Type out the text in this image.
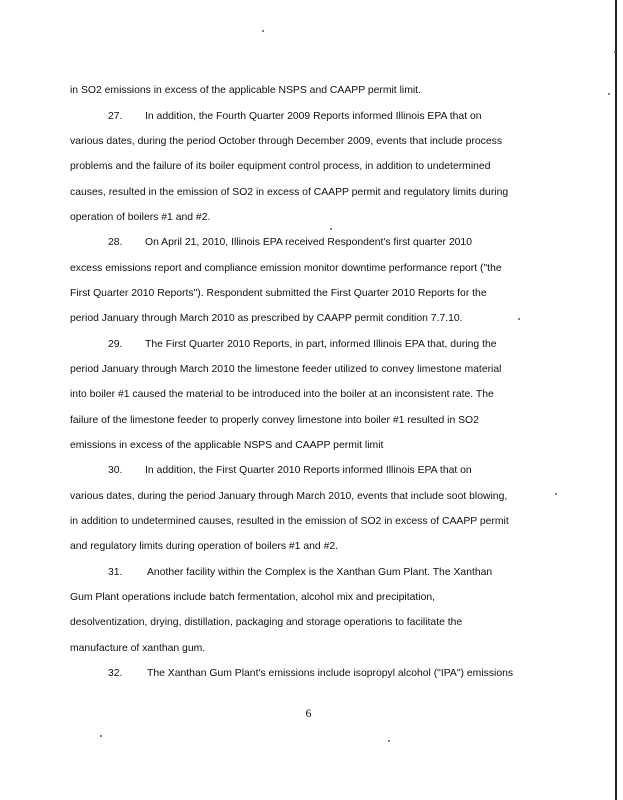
in SO2 emissions in excess of the applicable NSPS and CAAPP permit limit.
27. In addition, the Fourth Quarter 2009 Reports informed Illinois EPA that on
various dates, during the period October through December 2009, events that include process
problems and the failure of its boiler equipment control process, in addition to undetermined
causes, resulted in the emission of SO2 in excess of CAAPP permit and regulatory limits during
operation of boilers #1 and #2.
28. On April 21, 2010, Illinois EPA received Respondent's first quarter 2010
excess emissions report and compliance emission monitor downtime performance report ("the
First Quarter 2010 Reports"). Respondent submitted the First Quarter 2010 Reports for the
period January through March 2010 as prescribed by CAAPP permit condition 7.7.10.
29. The First Quarter 2010 Reports, in part, informed Illinois EPA that, during the
period January through March 2010 the limestone feeder utilized to convey limestone material
into boiler #1 caused the material to be introduced into the boiler at an inconsistent rate. The
failure of the limestone feeder to properly convey limestone into boiler #1 resulted in SO2
emissions in excess of the applicable NSPS and CAAPP permit limit
30. In addition, the First Quarter 2010 Reports informed Illinois EPA that on
various dates, during the period January through March 2010, events that include soot blowing,
in addition to undetermined causes, resulted in the emission of SO2 in excess of CAAPP permit
and regulatory limits during operation of boilers #1 and #2.
31. Another facility within the Complex is the Xanthan Gum Plant. The Xanthan
Gum Plant operations include batch fermentation, alcohol mix and precipitation,
desolventization, drying, distillation, packaging and storage operations to facilitate the
manufacture of xanthan gum.
32. The Xanthan Gum Plant's emissions include isopropyl alcohol ("IPA") emissions
6
